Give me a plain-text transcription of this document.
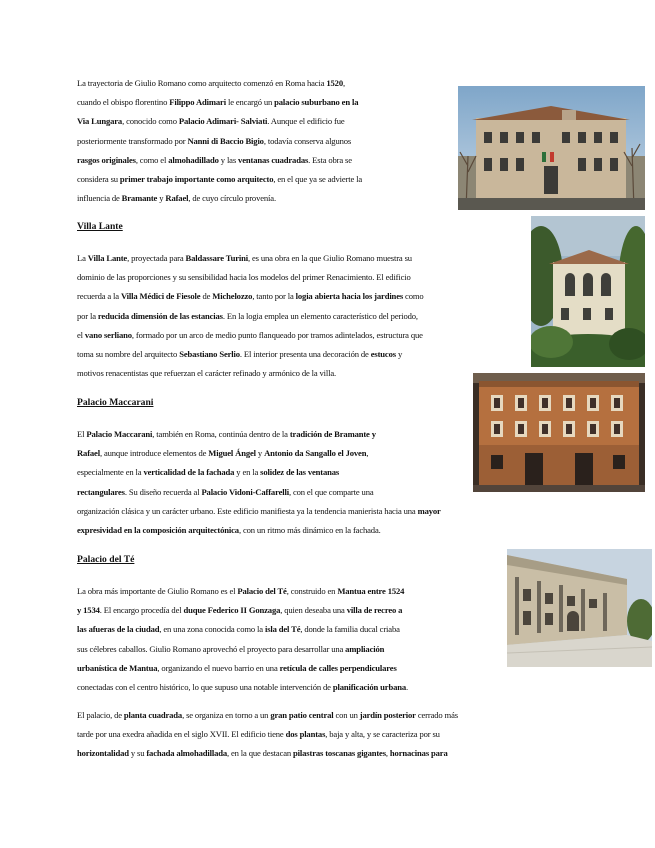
La trayectoria de Giulio Romano como arquitecto comenzó en Roma hacia 1520,
cuando el obispo florentino Filippo Adimari le encargó un palacio suburbano en la
Via Lungara, conocido como Palacio Adimari- Salviati. Aunque el edificio fue
posteriormente transformado por Nanni di Baccio Bigio, todavía conserva algunos
rasgos originales, como el almohadillado y las ventanas cuadradas. Esta obra se
considera su primer trabajo importante como arquitecto, en el que ya se advierte la
influencia de Bramante y Rafael, de cuyo círculo provenía.
Villa Lante
La Villa Lante, proyectada para Baldassare Turini, es una obra en la que Giulio Romano muestra su
dominio de las proporciones y su sensibilidad hacia los modelos del primer Renacimiento. El edificio
recuerda a la Villa Médici de Fiesole de Michelozzo, tanto por la logia abierta hacia los jardines como
por la reducida dimensión de las estancias. En la logia emplea un elemento característico del periodo,
el vano serliano, formado por un arco de medio punto flanqueado por tramos adintelados, estructura que
toma su nombre del arquitecto Sebastiano Serlio. El interior presenta una decoración de estucos y
motivos renacentistas que refuerzan el carácter refinado y armónico de la villa.
Palacio Maccarani
El Palacio Maccarani, también en Roma, continúa dentro de la tradición de Bramante y
Rafael, aunque introduce elementos de Miguel Ángel y Antonio da Sangallo el Joven,
especialmente en la verticalidad de la fachada y en la solidez de las ventanas
rectangulares. Su diseño recuerda al Palacio Vidoni-Caffarelli, con el que comparte una
organización clásica y un carácter urbano. Este edificio manifiesta ya la tendencia manierista hacia una mayor
expresividad en la composición arquitectónica, con un ritmo más dinámico en la fachada.
Palacio del Té
La obra más importante de Giulio Romano es el Palacio del Té, construido en Mantua entre 1524
y 1534. El encargo procedía del duque Federico II Gonzaga, quien deseaba una villa de recreo a
las afueras de la ciudad, en una zona conocida como la isla del Té, donde la familia ducal criaba
sus célebres caballos. Giulio Romano aprovechó el proyecto para desarrollar una ampliación
urbanística de Mantua, organizando el nuevo barrio en una retícula de calles perpendiculares
conectadas con el centro histórico, lo que supuso una notable intervención de planificación urbana.
El palacio, de planta cuadrada, se organiza en torno a un gran patio central con un jardín posterior cerrado más
tarde por una exedra añadida en el siglo XVII. El edificio tiene dos plantas, baja y alta, y se caracteriza por su
horizontalidad y su fachada almohadillada, en la que destacan pilastras toscanas gigantes, hornacinas para
